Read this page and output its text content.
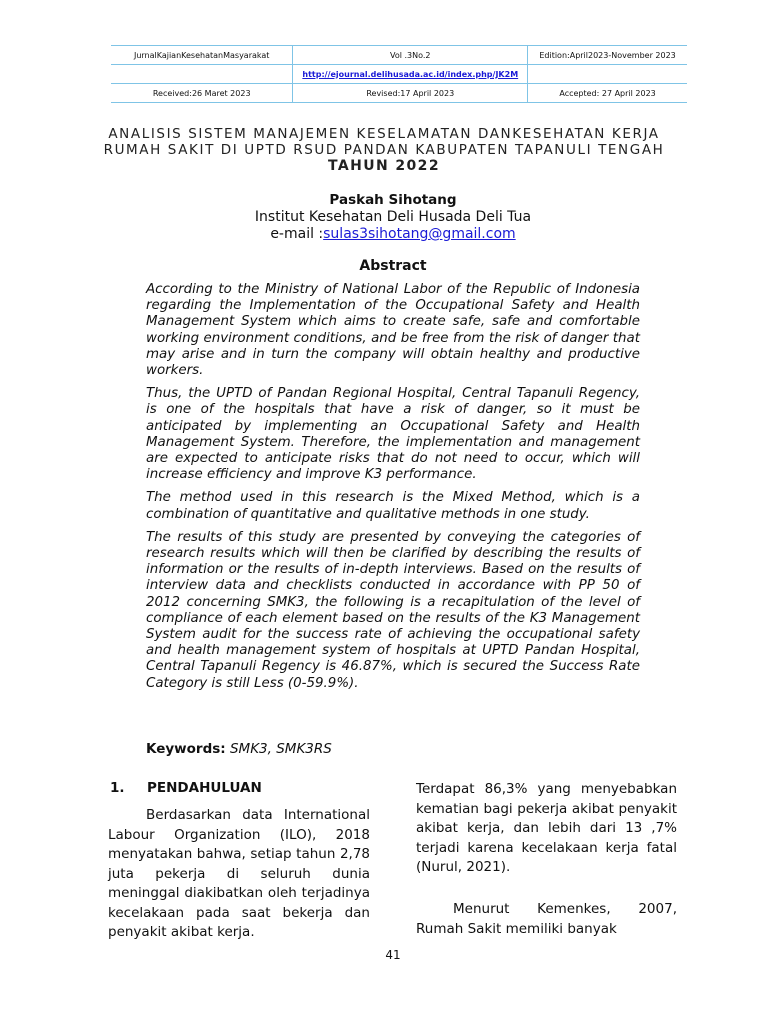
JurnalKajianKesehatanMasyarakat	Vol .3No.2	Edition:April2023-November 2023
	http://ejournal.delihusada.ac.id/index.php/JK2M	
Received:26 Maret 2023	Revised:17 April 2023	Accepted: 27 April 2023
ANALISIS SISTEM MANAJEMEN KESELAMATAN DANKESEHATAN KERJA
RUMAH SAKIT DI UPTD RSUD PANDAN KABUPATEN TAPANULI TENGAH
TAHUN 2022
Paskah Sihotang
Institut Kesehatan Deli Husada Deli Tua
e-mail :sulas3sihotang@gmail.com
Abstract

According to the Ministry of National Labor of the Republic of Indonesia regarding the Implementation of the Occupational Safety and Health Management System which aims to create safe, safe and comfortable working environment conditions, and be free from the risk of danger that may arise and in turn the company will obtain healthy and productive workers.

Thus, the UPTD of Pandan Regional Hospital, Central Tapanuli Regency, is one of the hospitals that have a risk of danger, so it must be anticipated by implementing an Occupational Safety and Health Management System. Therefore, the implementation and management are expected to anticipate risks that do not need to occur, which will increase efficiency and improve K3 performance.

The method used in this research is the Mixed Method, which is a combination of quantitative and qualitative methods in one study.

The results of this study are presented by conveying the categories of research results which will then be clarified by describing the results of information or the results of in-depth interviews. Based on the results of interview data and checklists conducted in accordance with PP 50 of 2012 concerning SMK3, the following is a recapitulation of the level of compliance of each element based on the results of the K3 Management System audit for the success rate of achieving the occupational safety and health management system of hospitals at UPTD Pandan Hospital, Central Tapanuli Regency is 46.87%, which is secured the Success Rate Category is still Less (0-59.9%).

Keywords: SMK3, SMK3RS
1. PENDAHULUAN
Berdasarkan data International Labour Organization (ILO), 2018 menyatakan bahwa, setiap tahun 2,78 juta pekerja di seluruh dunia meninggal diakibatkan oleh terjadinya kecelakaan pada saat bekerja dan penyakit akibat kerja.
Terdapat 86,3% yang menyebabkan kematian bagi pekerja akibat penyakit akibat kerja, dan lebih dari 13 ,7% terjadi karena kecelakaan kerja fatal (Nurul, 2021).
Menurut Kemenkes, 2007, Rumah Sakit memiliki banyak
41
